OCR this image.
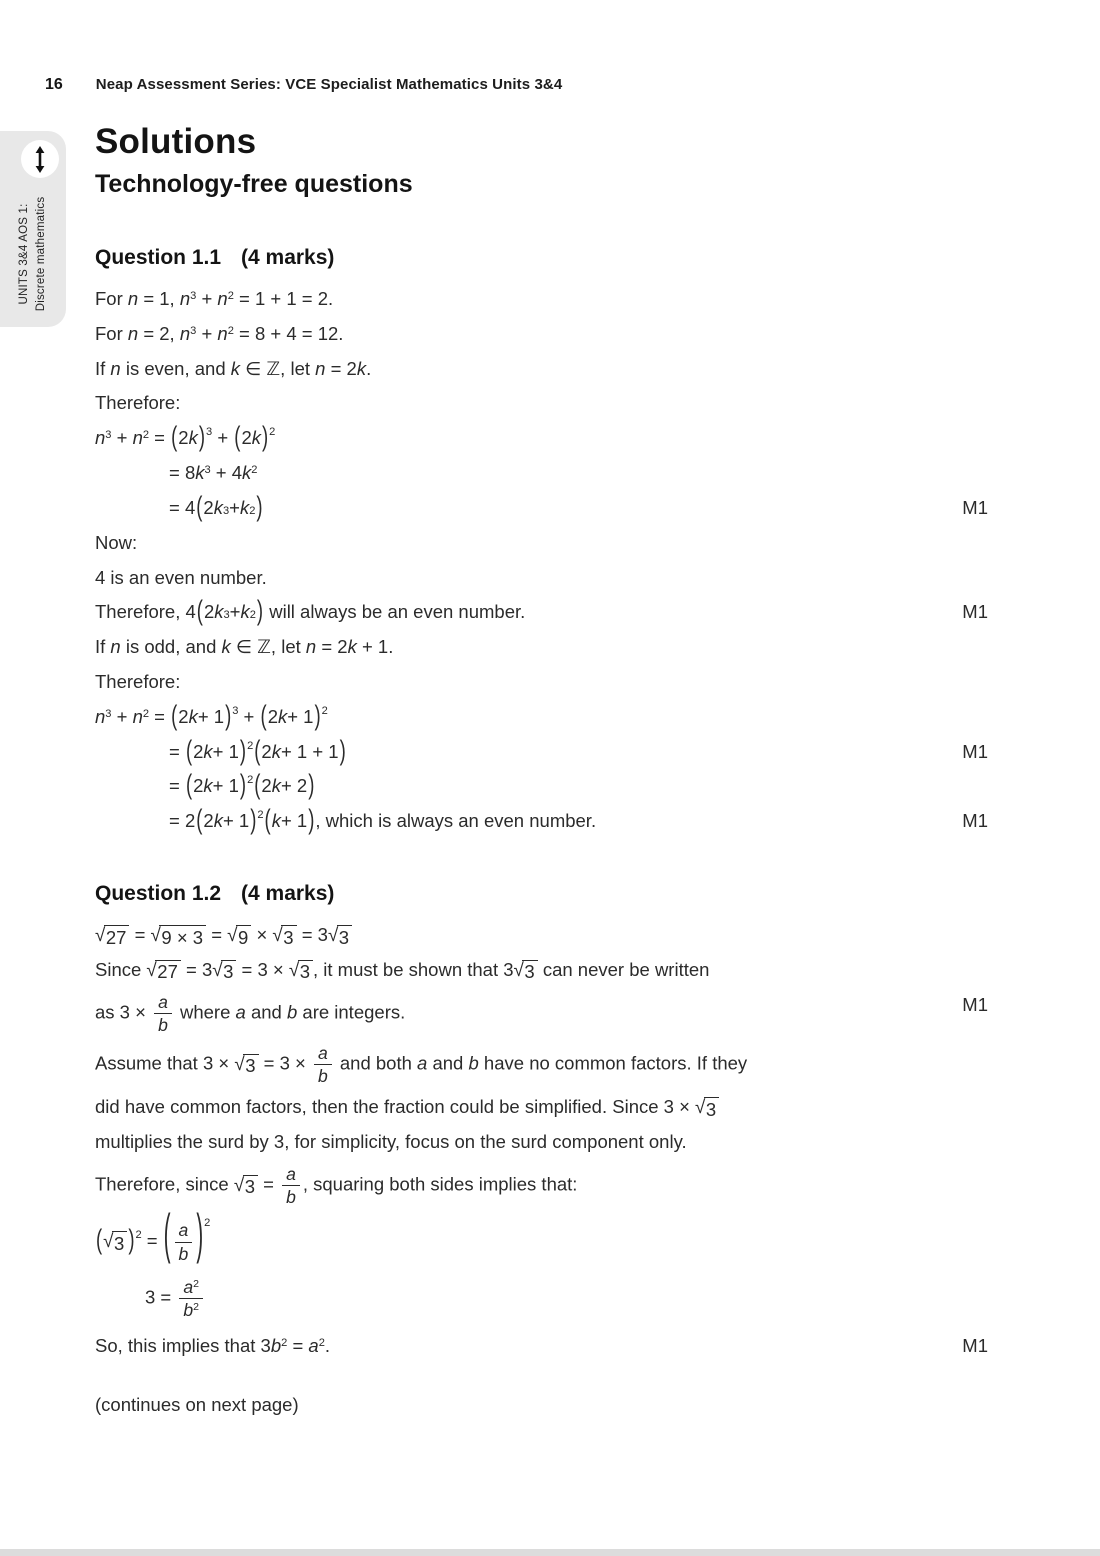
16 Neap Assessment Series: VCE Specialist Mathematics Units 3&4
UNITS 3&4 AOS 1: Discrete mathematics
Solutions
Technology-free questions
Question 1.1 (4 marks)
For n = 1, $n^3 + n^2 = 1 + 1 = 2$.
For n = 2, $n^3 + n^2 = 8 + 4 = 12$.
If n is even, and k ∈ ℤ, let n = 2k.
Therefore:
$n^3 + n^2$ = ( 2 k ) $^3$ + ( 2 k ) $^2$
= $8k^3 + 4k^2$
= 4 ( 2 k 3 + k 2 )	M1
Now:
4 is an even number.
Therefore, 4 ( 2 k 3 + k 2 ) will always be an even number.	M1
If n is odd, and k ∈ ℤ, let n = 2k + 1.
Therefore:
$n^3 + n^2$ = ( 2 k + 1 ) $^3$ + ( 2 k + 1 ) $^2$
= ( 2 k + 1 ) $^2$ ( 2 k + 1 + 1 )	M1
= ( 2 k + 1 ) $^2$ ( 2 k + 2 )
= 2 ( 2 k + 1 ) $^2$ ( k + 1 ) , which is always an even number.	M1
Question 1.2 (4 marks)
√ 27 = √ 9 × 3 = √ 9 × √ 3 = 3 √ 3
Since √ 27 = 3 √ 3 = 3 × √ 3 , it must be shown that 3 √ 3 can never be written
as $3 \times \frac{a}{b}$ where a and b are integers.	M1
Assume that 3 × √ $3 = 3 \times \frac{a}{b}$ and both a and b have no common factors. If they
did have common factors, then the fraction could be simplified. Since 3 × √ 3
multiplies the surd by 3, for simplicity, focus on the surd component only.
Therefore, since √ $3 = \frac{a}{b}$ , squaring both sides implies that:
( √ 3 ) $^2$ = ( $\frac{a}{b}$ ) $^2$
$3 = \frac{a^2}{b^2}$
So, this implies that $3b^2 = a^2$.	M1
(continues on next page)
